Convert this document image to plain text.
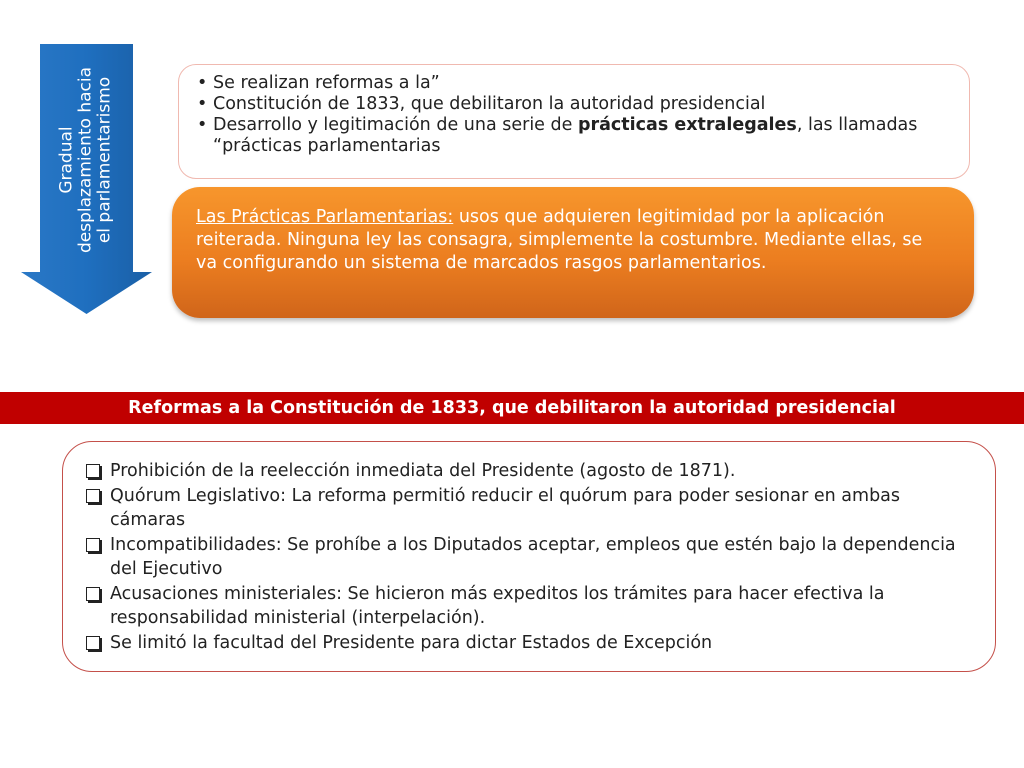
Gradual desplazamiento hacia el parlamentarismo	• Se realizan reformas a la”
• Constitución de 1833, que debilitaron la autoridad presidencial
• Desarrollo y legitimación de una serie de prácticas extralegales, las llamadas “prácticas parlamentarias
Las Prácticas Parlamentarias: usos que adquieren legitimidad por la aplicación reiterada. Ninguna ley las consagra, simplemente la costumbre. Mediante ellas, se va configurando un sistema de marcados rasgos parlamentarios.
Reformas a la Constitución de 1833, que debilitaron la autoridad presidencial
Prohibición de la reelección inmediata del Presidente (agosto de 1871).
Quórum Legislativo: La reforma permitió reducir el quórum para poder sesionar en ambas cámaras
Incompatibilidades: Se prohíbe a los Diputados aceptar, empleos que estén bajo la dependencia del Ejecutivo
Acusaciones ministeriales: Se hicieron más expeditos los trámites para hacer efectiva la responsabilidad ministerial (interpelación).
Se limitó la facultad del Presidente para dictar Estados de Excepción
